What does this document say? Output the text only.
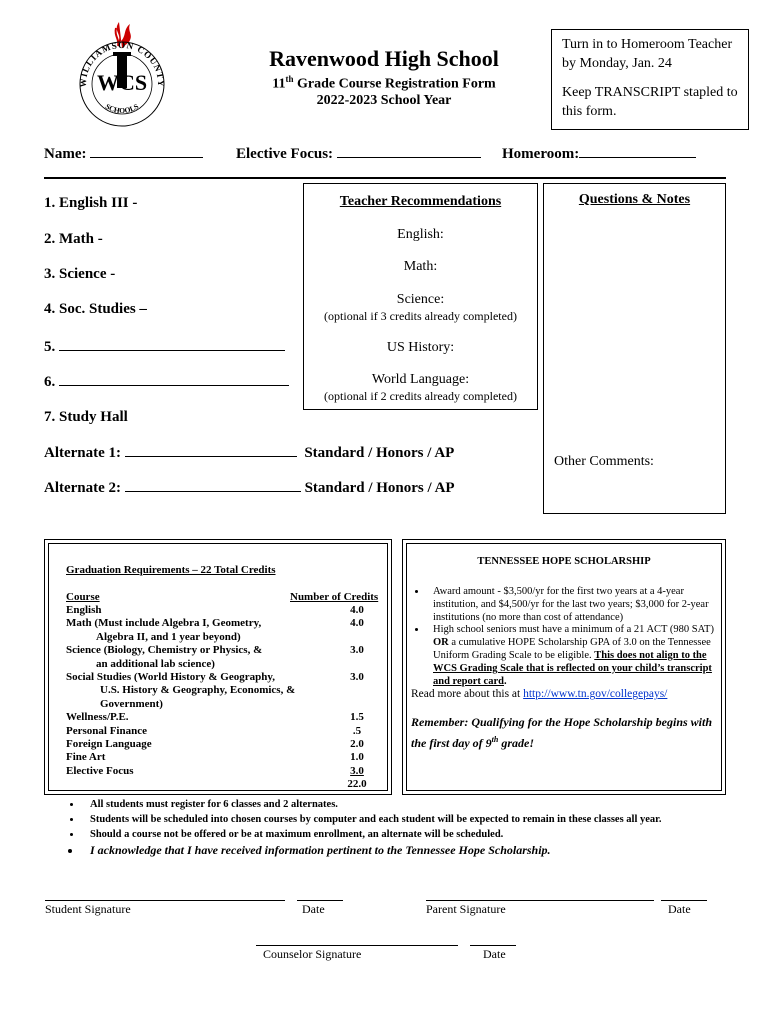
WILLIAMSON COUNTY
SCHOOLS
WCS
Ravenwood High School
11th Grade Course Registration Form
2022-2023 School Year
Turn in to Homeroom Teacher by Monday, Jan. 24
Keep TRANSCRIPT stapled to this form.
Name:	Elective Focus:	Homeroom:
1. English III -
2. Math -
3. Science -
4. Soc. Studies –
5.
6.
7. Study Hall
Alternate 1:	Standard / Honors / AP
Alternate 2:	Standard / Honors / AP
Teacher Recommendations
English:
Math:
Science:
(optional if 3 credits already completed)
US History:
World Language:
(optional if 2 credits already completed)
Questions & Notes
Other Comments:
Graduation Requirements – 22 Total Credits
Course	Number of Credits
English	4.0
Math (Must include Algebra I, Geometry,	4.0
Algebra II, and 1 year beyond)
Science (Biology, Chemistry or Physics, &	3.0
an additional lab science)
Social Studies (World History & Geography,	3.0
U.S. History & Geography, Economics, &
Government)
Wellness/P.E.	1.5
Personal Finance	.5
Foreign Language	2.0
Fine Art	1.0
Elective Focus	3.0
22.0
TENNESSEE HOPE SCHOLARSHIP
• Award amount - $3,500/yr for the first two years at a 4-year institution, and $4,500/yr for the last two years; $3,000 for 2-year institutions (no more than cost of attendance)
• High school seniors must have a minimum of a 21 ACT (980 SAT) OR a cumulative HOPE Scholarship GPA of 3.0 on the Tennessee Uniform Grading Scale to be eligible. This does not align to the WCS Grading Scale that is reflected on your child’s transcript and report card.
Read more about this at http://www.tn.gov/collegepays/
Remember: Qualifying for the Hope Scholarship begins with the first day of 9th grade!
• All students must register for 6 classes and 2 alternates.
• Students will be scheduled into chosen courses by computer and each student will be expected to remain in these classes all year.
• Should a course not be offered or be at maximum enrollment, an alternate will be scheduled.
• I acknowledge that I have received information pertinent to the Tennessee Hope Scholarship.
Student Signature	Date	Parent Signature	Date
Counselor Signature	Date
